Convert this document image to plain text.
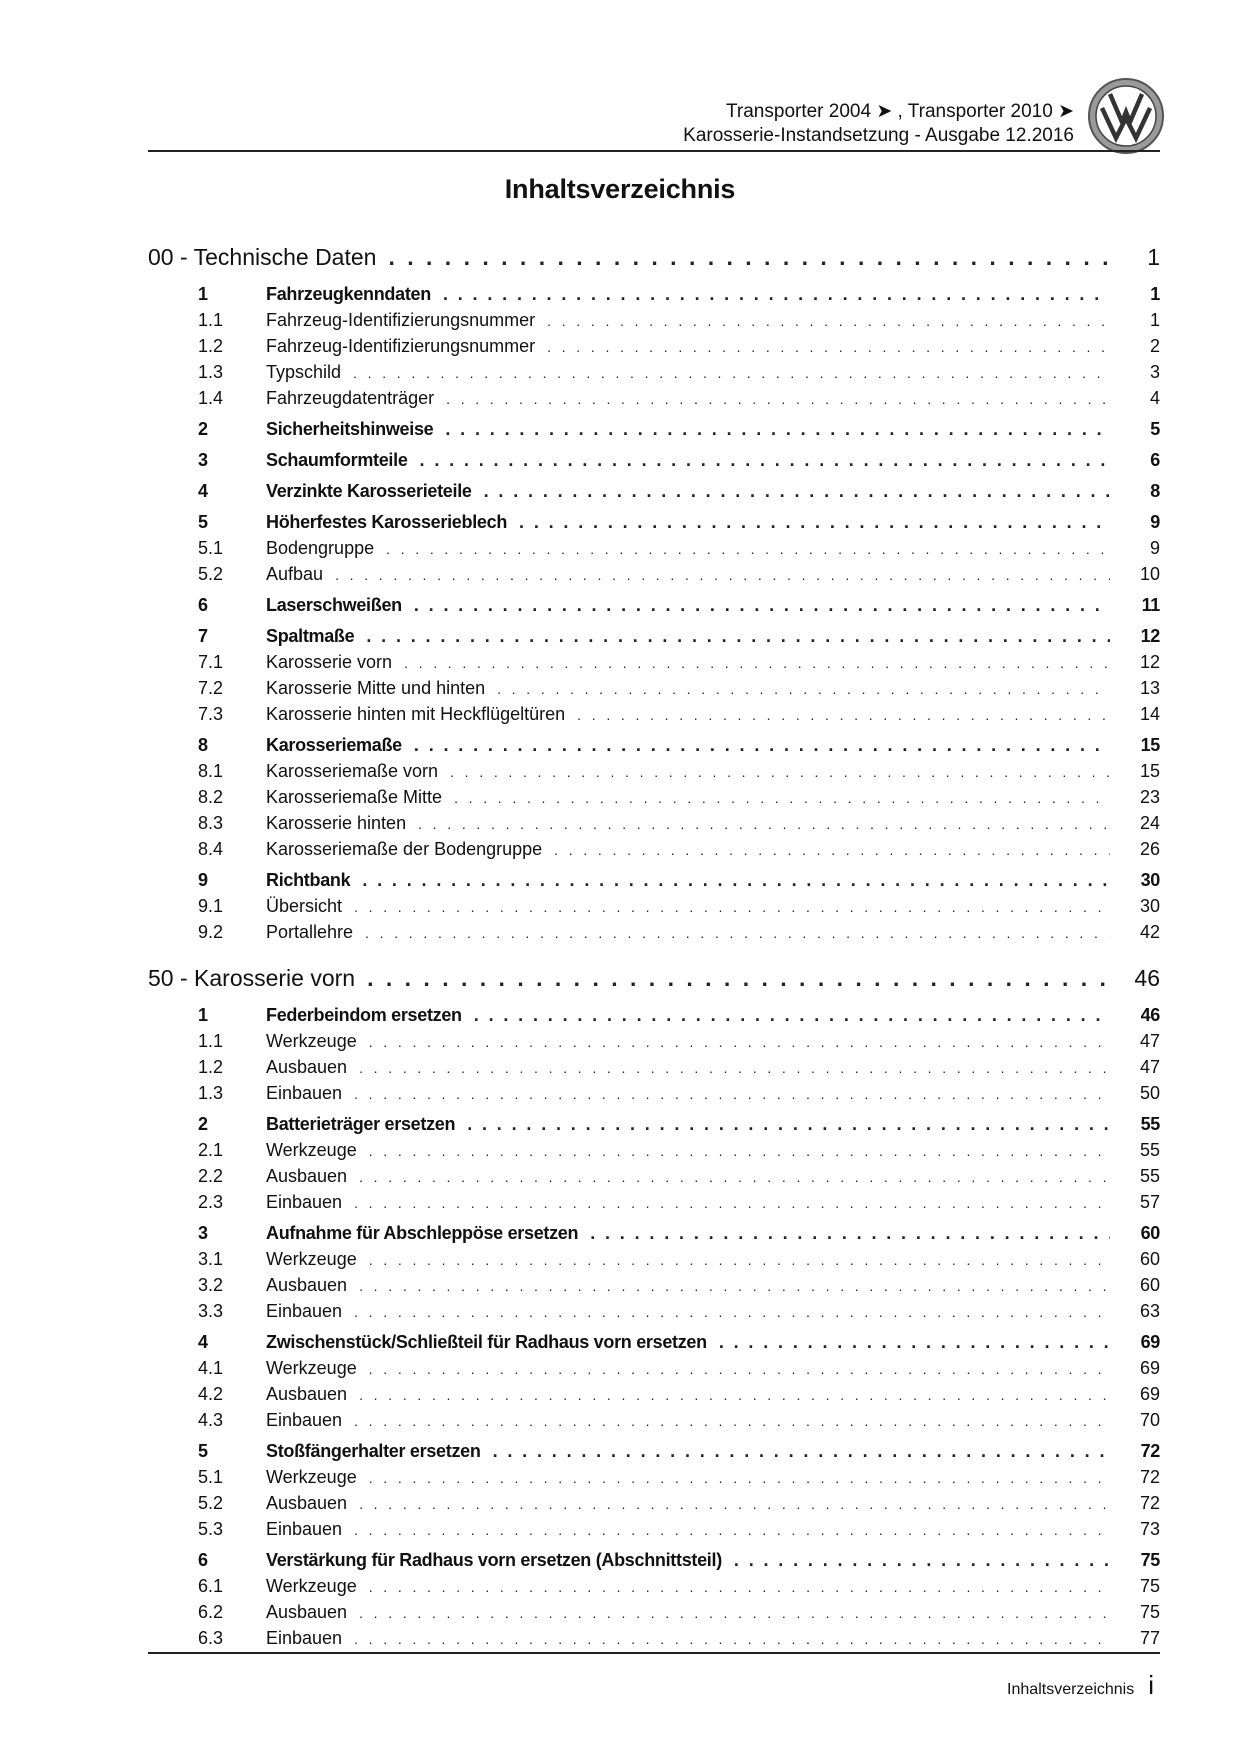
Transporter 2004 ➤ , Transporter 2010 ➤
Karosserie-Instandsetzung - Ausgabe 12.2016
Inhaltsverzeichnis
00 - Technische Daten . . .	1
1	Fahrzeugkenndaten . . .	1
1.1 Fahrzeug-Identifizierungsnummer . . .	1
1.2 Fahrzeug-Identifizierungsnummer . . .	2
1.3 Typschild . . .	3
1.4 Fahrzeugdatenträger . . .	4
2	Sicherheitshinweise . . .	5
3	Schaumformteile . . .	6
4	Verzinkte Karosserieteile . . .	8
5	Höherfestes Karosserieblech . . .	9
5.1 Bodengruppe . . .	9
5.2 Aufbau . . .	10
6	Laserschweißen . . .	11
7	Spaltmaße . . .	12
7.1 Karosserie vorn . . .	12
7.2 Karosserie Mitte und hinten . . .	13
7.3 Karosserie hinten mit Heckflügeltüren . . .	14
8	Karosseriemaße . . .	15
8.1 Karosseriemaße vorn . . .	15
8.2 Karosseriemaße Mitte . . .	23
8.3 Karosserie hinten . . .	24
8.4 Karosseriemaße der Bodengruppe . . .	26
9	Richtbank . . .	30
9.1 Übersicht . . .	30
9.2 Portallehre . . .	42
50 - Karosserie vorn . . .	46
1	Federbeindom ersetzen . . .	46
1.1 Werkzeuge . . .	47
1.2 Ausbauen . . .	47
1.3 Einbauen . . .	50
2	Batterieträger ersetzen . . .	55
2.1 Werkzeuge . . .	55
2.2 Ausbauen . . .	55
2.3 Einbauen . . .	57
3	Aufnahme für Abschleppöse ersetzen . . .	60
3.1 Werkzeuge . . .	60
3.2 Ausbauen . . .	60
3.3 Einbauen . . .	63
4	Zwischenstück/Schließteil für Radhaus vorn ersetzen . . .	69
4.1 Werkzeuge . . .	69
4.2 Ausbauen . . .	69
4.3 Einbauen . . .	70
5	Stoßfängerhalter ersetzen . . .	72
5.1 Werkzeuge . . .	72
5.2 Ausbauen . . .	72
5.3 Einbauen . . .	73
6	Verstärkung für Radhaus vorn ersetzen (Abschnittsteil) . . .	75
6.1 Werkzeuge . . .	75
6.2 Ausbauen . . .	75
6.3 Einbauen . . .	77
Inhaltsverzeichnis i
